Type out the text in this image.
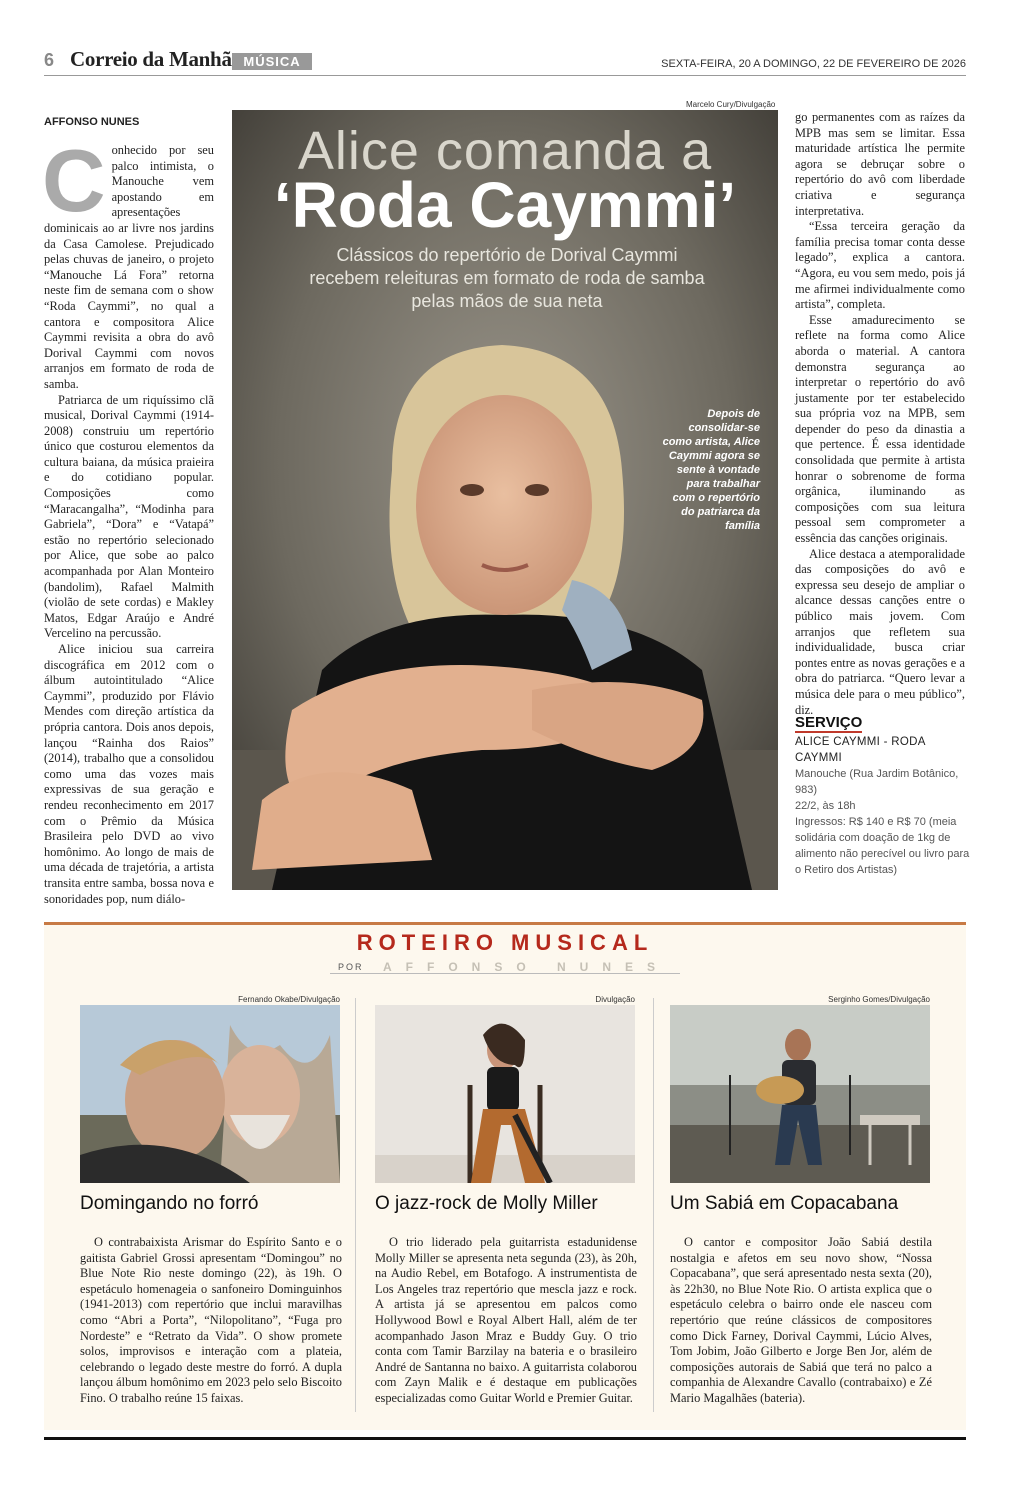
6 Correio da Manhã MÚSICA	SEXTA-FEIRA, 20 A DOMINGO, 22 DE FEVEREIRO DE 2026
AFFONSO NUNES

Conhecido por seu palco intimista, o Manouche vem apostando em apresentações dominicais ao ar livre nos jardins da Casa Camolese. Prejudicado pelas chuvas de janeiro, o projeto “Manouche Lá Fora” retorna neste fim de semana com o show “Roda Caymmi”, no qual a cantora e compositora Alice Caymmi revisita a obra do avô Dorival Caymmi com novos arranjos em formato de roda de samba.

Patriarca de um riquíssimo clã musical, Dorival Caymmi (1914-2008) construiu um repertório único que costurou elementos da cultura baiana, da música praieira e do cotidiano popular. Composições como “Maracangalha”, “Modinha para Gabriela”, “Dora” e “Vatapá” estão no repertório selecionado por Alice, que sobe ao palco acompanhada por Alan Monteiro (bandolim), Rafael Malmith (violão de sete cordas) e Makley Matos, Edgar Araújo e André Vercelino na percussão.

Alice iniciou sua carreira discográfica em 2012 com o álbum autointitulado “Alice Caymmi”, produzido por Flávio Mendes com direção artística da própria cantora. Dois anos depois, lançou “Rainha dos Raios” (2014), trabalho que a consolidou como uma das vozes mais expressivas de sua geração e rendeu reconhecimento em 2017 com o Prêmio da Música Brasileira pelo DVD ao vivo homônimo. Ao longo de mais de uma década de trajetória, a artista transita entre samba, bossa nova e sonoridades pop, num diálo-

Marcelo Cury/Divulgação
Alice comanda a
‘Roda Caymmi’
Clássicos do repertório de Dorival Caymmi recebem releituras em formato de roda de samba pelas mãos de sua neta
Depois de consolidar-se como artista, Alice Caymmi agora se sente à vontade para trabalhar com o repertório do patriarca da família

go permanentes com as raízes da MPB mas sem se limitar. Essa maturidade artística lhe permite agora se debruçar sobre o repertório do avô com liberdade criativa e segurança interpretativa.

“Essa terceira geração da família precisa tomar conta desse legado”, explica a cantora. “Agora, eu vou sem medo, pois já me afirmei individualmente como artista”, completa.

Esse amadurecimento se reflete na forma como Alice aborda o material. A cantora demonstra segurança ao interpretar o repertório do avô justamente por ter estabelecido sua própria voz na MPB, sem depender do peso da dinastia a que pertence. É essa identidade consolidada que permite à artista honrar o sobrenome de forma orgânica, iluminando as composições com sua leitura pessoal sem comprometer a essência das canções originais.

Alice destaca a atemporalidade das composições do avô e expressa seu desejo de ampliar o alcance dessas canções entre o público mais jovem. Com arranjos que refletem sua individualidade, busca criar pontes entre as novas gerações e a obra do patriarca. “Quero levar a música dele para o meu público”, diz.

SERVIÇO
ALICE CAYMMI - RODA CAYMMI
Manouche (Rua Jardim Botânico, 983)
22/2, às 18h
Ingressos: R$ 140 e R$ 70 (meia solidária com doação de 1kg de alimento não perecível ou livro para o Retiro dos Artistas)
ROTEIRO MUSICAL
POR AFFONSO NUNES
Fernando Okabe/Divulgação
Domingando no forró
O contrabaixista Arismar do Espírito Santo e o gaitista Gabriel Grossi apresentam “Domingou” no Blue Note Rio neste domingo (22), às 19h. O espetáculo homenageia o sanfoneiro Dominguinhos (1941-2013) com repertório que inclui maravilhas como “Abri a Porta”, “Nilopolitano”, “Fuga pro Nordeste” e “Retrato da Vida”. O show promete solos, improvisos e interação com a plateia, celebrando o legado deste mestre do forró. A dupla lançou álbum homônimo em 2023 pelo selo Biscoito Fino. O trabalho reúne 15 faixas.
Divulgação
O jazz-rock de Molly Miller
O trio liderado pela guitarrista estadunidense Molly Miller se apresenta neta segunda (23), às 20h, na Audio Rebel, em Botafogo. A instrumentista de Los Angeles traz repertório que mescla jazz e rock. A artista já se apresentou em palcos como Hollywood Bowl e Royal Albert Hall, além de ter acompanhado Jason Mraz e Buddy Guy. O trio conta com Tamir Barzilay na bateria e o brasileiro André de Santanna no baixo. A guitarrista colaborou com Zayn Malik e é destaque em publicações especializadas como Guitar World e Premier Guitar.
Serginho Gomes/Divulgação
Um Sabiá em Copacabana
O cantor e compositor João Sabiá destila nostalgia e afetos em seu novo show, “Nossa Copacabana”, que será apresentado nesta sexta (20), às 22h30, no Blue Note Rio. O artista explica que o espetáculo celebra o bairro onde ele nasceu com repertório que reúne clássicos de compositores como Dick Farney, Dorival Caymmi, Lúcio Alves, Tom Jobim, João Gilberto e Jorge Ben Jor, além de composições autorais de Sabiá que terá no palco a companhia de Alexandre Cavallo (contrabaixo) e Zé Mario Magalhães (bateria).
